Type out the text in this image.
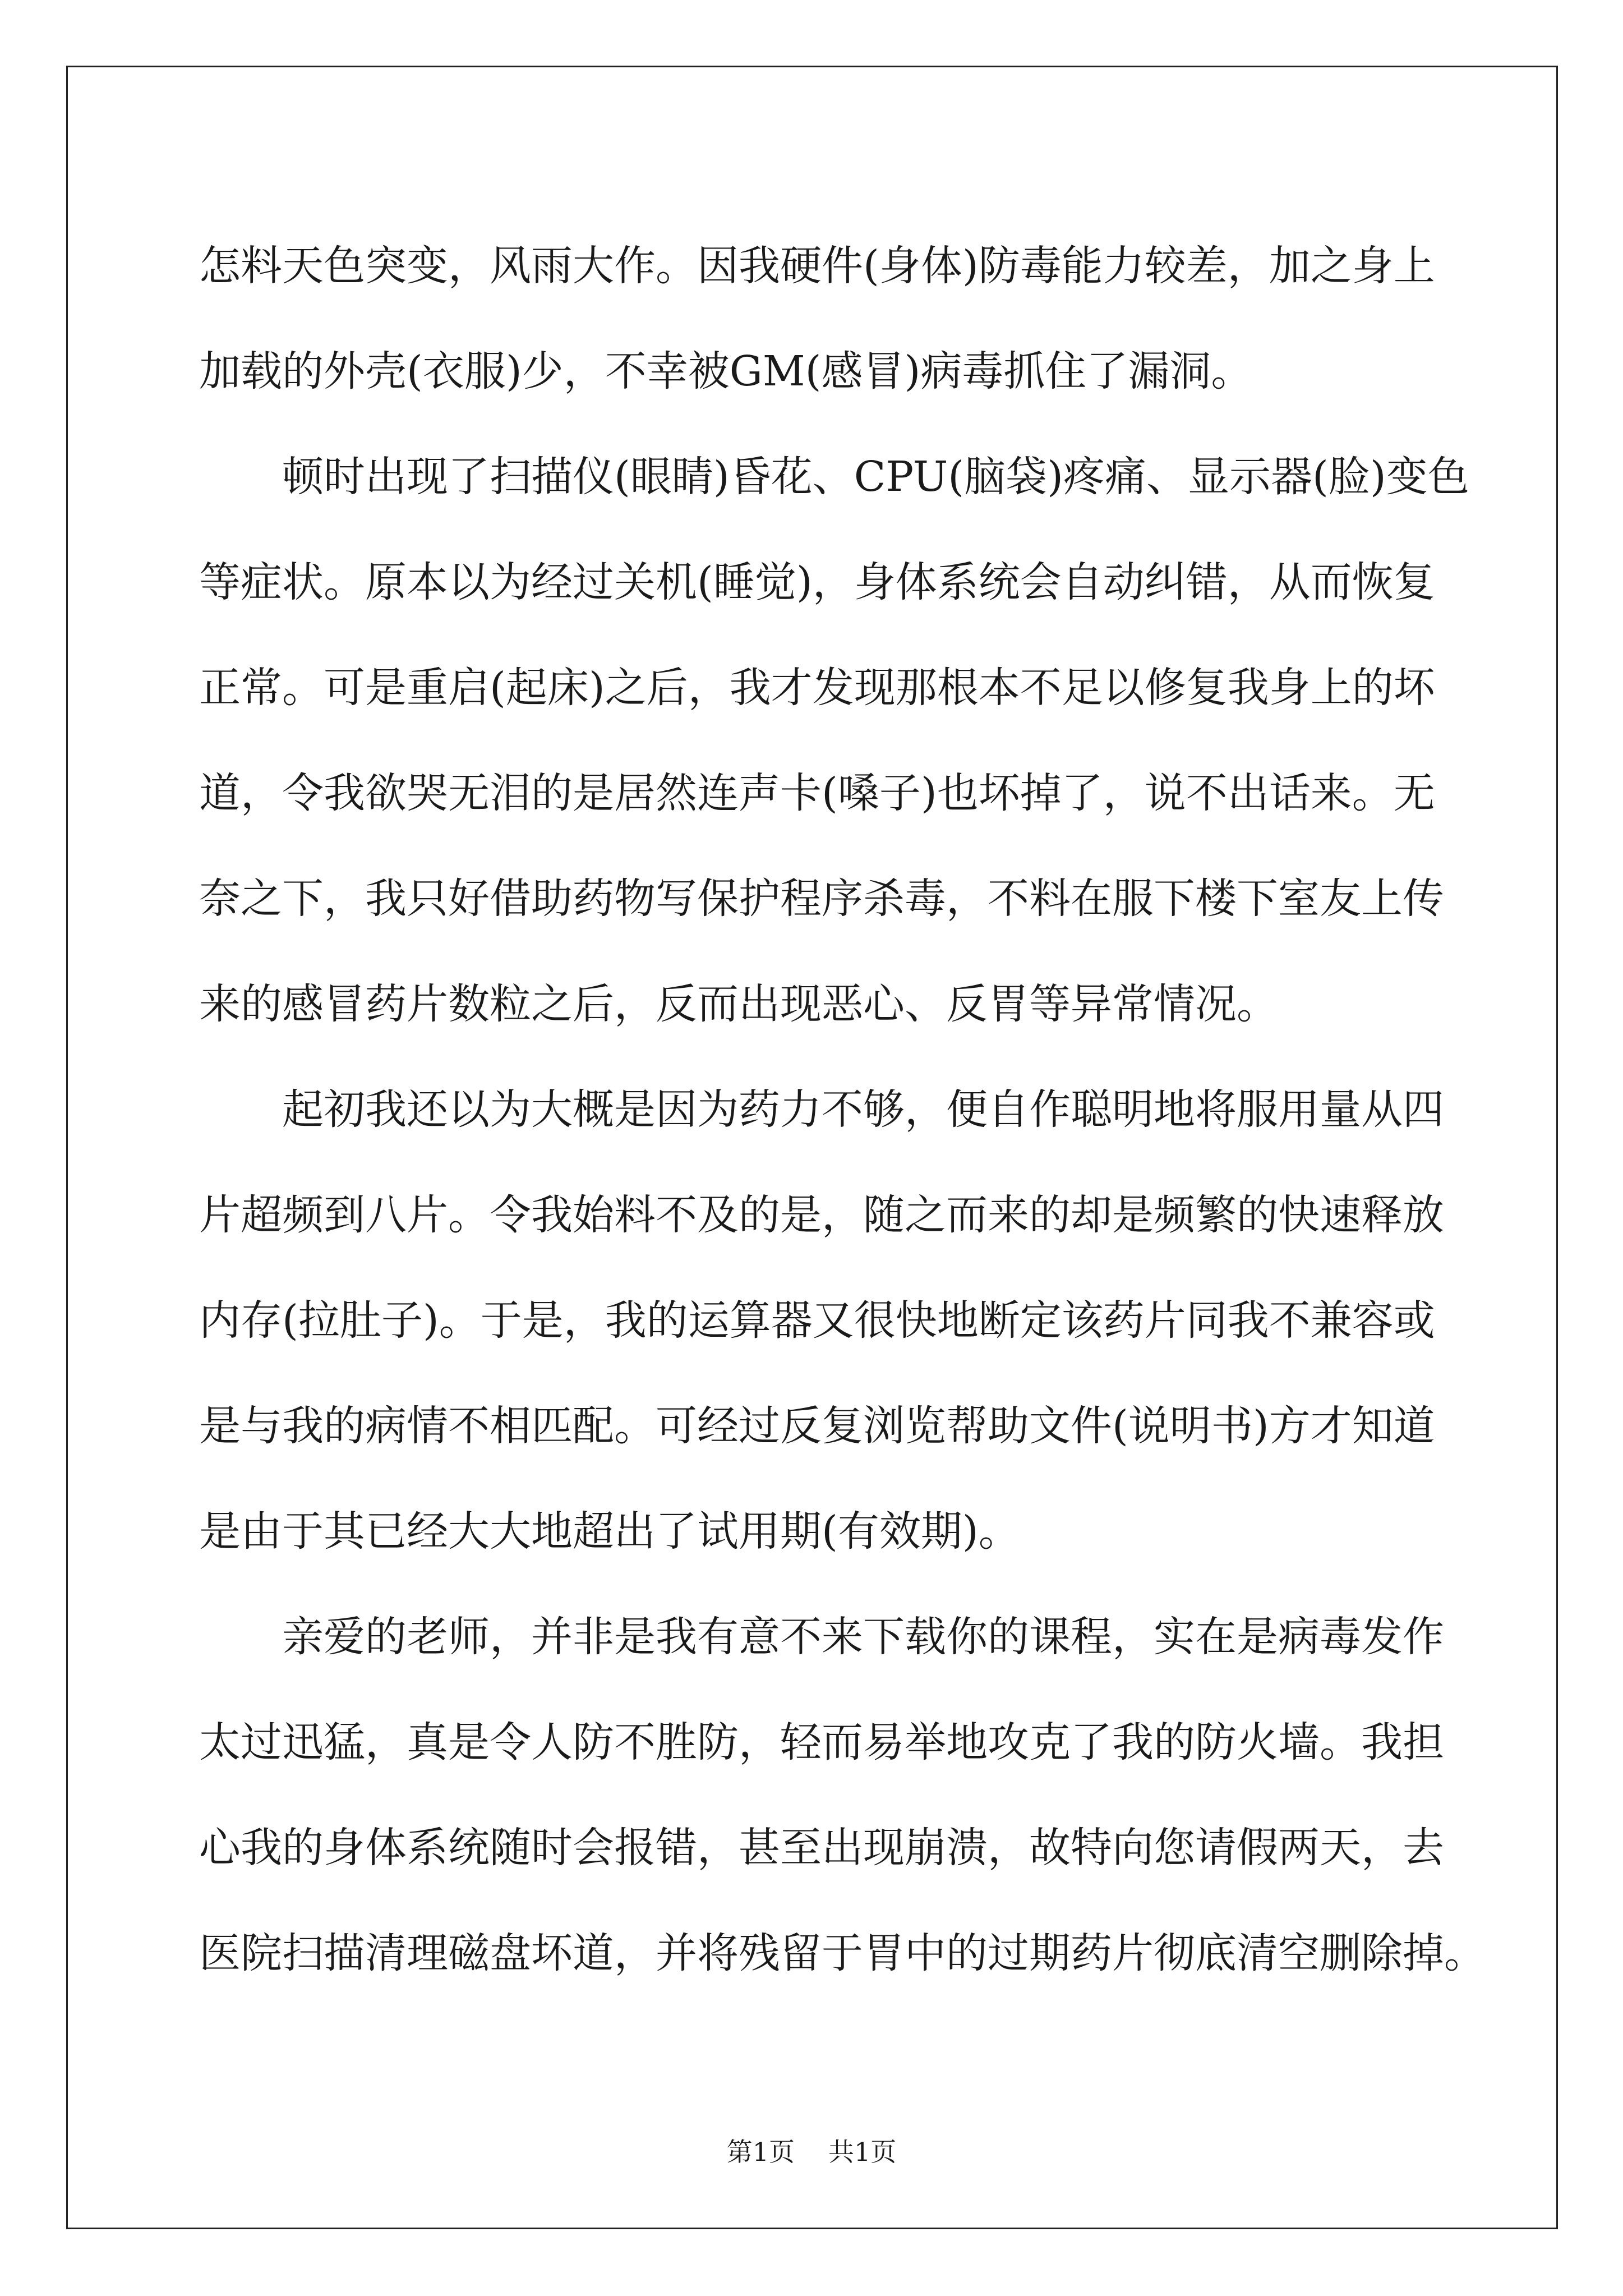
怎料天色突变，风雨大作。因我硬件(身体)防毒能力较差，加之身上
加载的外壳(衣服)少，不幸被GM(感冒)病毒抓住了漏洞。
顿时出现了扫描仪(眼睛)昏花、CPU(脑袋)疼痛、显示器(脸)变色
等症状。原本以为经过关机(睡觉)，身体系统会自动纠错，从而恢复
正常。可是重启(起床)之后，我才发现那根本不足以修复我身上的坏
道，令我欲哭无泪的是居然连声卡(嗓子)也坏掉了，说不出话来。无
奈之下，我只好借助药物写保护程序杀毒，不料在服下楼下室友上传
来的感冒药片数粒之后，反而出现恶心、反胃等异常情况。
起初我还以为大概是因为药力不够，便自作聪明地将服用量从四
片超频到八片。令我始料不及的是，随之而来的却是频繁的快速释放
内存(拉肚子)。于是，我的运算器又很快地断定该药片同我不兼容或
是与我的病情不相匹配。可经过反复浏览帮助文件(说明书)方才知道
是由于其已经大大地超出了试用期(有效期)。
亲爱的老师，并非是我有意不来下载你的课程，实在是病毒发作
太过迅猛，真是令人防不胜防，轻而易举地攻克了我的防火墙。我担
心我的身体系统随时会报错，甚至出现崩溃，故特向您请假两天，去
医院扫描清理磁盘坏道，并将残留于胃中的过期药片彻底清空删除掉。
第1页 共1页
